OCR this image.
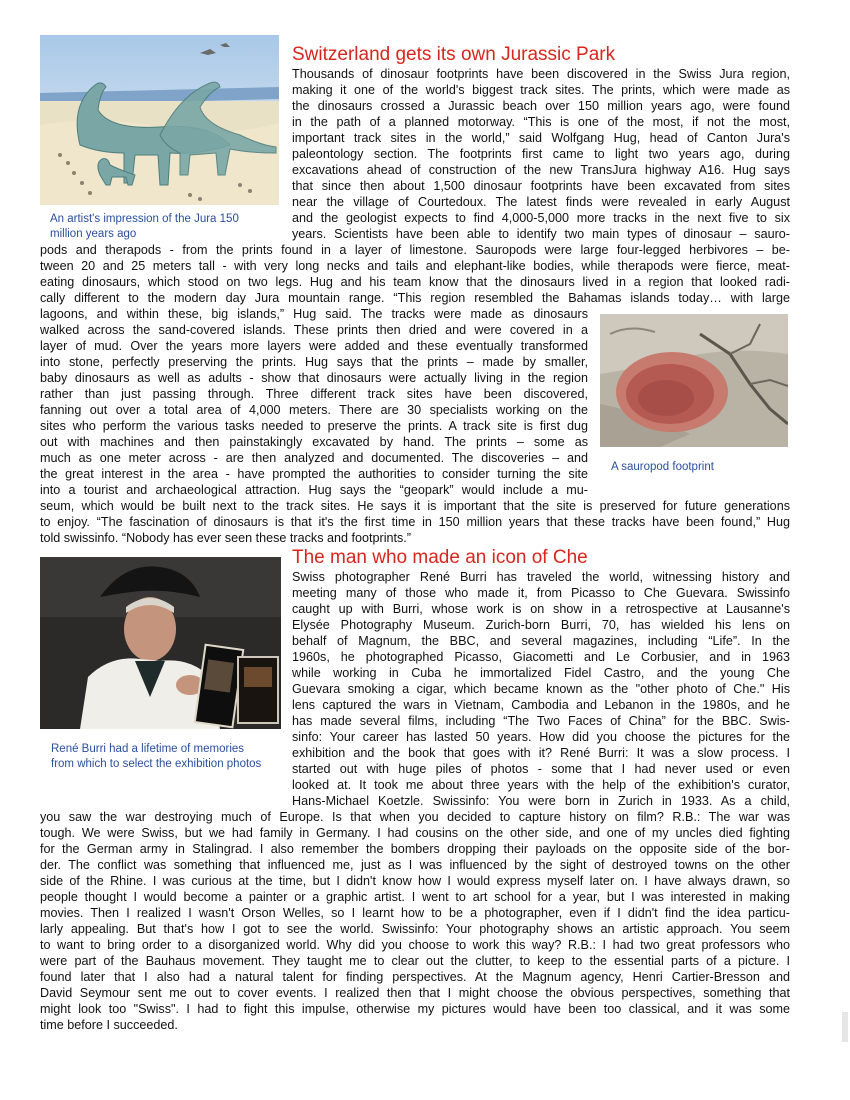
An artist's impression of the Jura 150 million years ago
Switzerland gets its own Jurassic Park
Thousands of dinosaur footprints have been discovered in the Swiss Jura region,
making it one of the world's biggest track sites. The prints, which were made as
the dinosaurs crossed a Jurassic beach over 150 million years ago, were found
in the path of a planned motorway. “This is one of the most, if not the most,
important track sites in the world,” said Wolfgang Hug, head of Canton Jura's
paleontology section. The footprints first came to light two years ago, during
excavations ahead of construction of the new TransJura highway A16. Hug says
that since then about 1,500 dinosaur footprints have been excavated from sites
near the village of Courtedoux. The latest finds were revealed in early August
and the geologist expects to find 4,000-5,000 more tracks in the next five to six
years. Scientists have been able to identify two main types of dinosaur – sauro-
pods and therapods - from the prints found in a layer of limestone. Sauropods were large four-legged herbivores – be-
tween 20 and 25 meters tall - with very long necks and tails and elephant-like bodies, while therapods were fierce, meat-
eating dinosaurs, which stood on two legs. Hug and his team know that the dinosaurs lived in a region that looked radi-
cally different to the modern day Jura mountain range. “This region resembled the Bahamas islands today… with large
lagoons, and within these, big islands,” Hug said. The tracks were made as dinosaurs
walked across the sand-covered islands. These prints then dried and were covered in a
layer of mud. Over the years more layers were added and these eventually transformed
into stone, perfectly preserving the prints. Hug says that the prints – made by smaller,
baby dinosaurs as well as adults - show that dinosaurs were actually living in the region
rather than just passing through. Three different track sites have been discovered,
fanning out over a total area of 4,000 meters. There are 30 specialists working on the
sites who perform the various tasks needed to preserve the prints. A track site is first dug
out with machines and then painstakingly excavated by hand. The prints – some as
much as one meter across - are then analyzed and documented. The discoveries – and
the great interest in the area - have prompted the authorities to consider turning the site
into a tourist and archaeological attraction. Hug says the “geopark” would include a mu-
seum, which would be built next to the track sites. He says it is important that the site is preserved for future generations
to enjoy. “The fascination of dinosaurs is that it's the first time in 150 million years that these tracks have been found,” Hug
told swissinfo. “Nobody has ever seen these tracks and footprints.”
A sauropod footprint
The man who made an icon of Che
René Burri had a lifetime of memories from which to select the exhibition photos
Swiss photographer René Burri has traveled the world, witnessing history and
meeting many of those who made it, from Picasso to Che Guevara. Swissinfo
caught up with Burri, whose work is on show in a retrospective at Lausanne's
Elysée Photography Museum. Zurich-born Burri, 70, has wielded his lens on
behalf of Magnum, the BBC, and several magazines, including “Life”. In the
1960s, he photographed Picasso, Giacometti and Le Corbusier, and in 1963
while working in Cuba he immortalized Fidel Castro, and the young Che
Guevara smoking a cigar, which became known as the "other photo of Che." His
lens captured the wars in Vietnam, Cambodia and Lebanon in the 1980s, and he
has made several films, including “The Two Faces of China” for the BBC. Swis-
sinfo: Your career has lasted 50 years. How did you choose the pictures for the
exhibition and the book that goes with it? René Burri: It was a slow process. I
started out with huge piles of photos - some that I had never used or even
looked at. It took me about three years with the help of the exhibition's curator,
Hans-Michael Koetzle. Swissinfo: You were born in Zurich in 1933. As a child,
you saw the war destroying much of Europe. Is that when you decided to capture history on film? R.B.: The war was
tough. We were Swiss, but we had family in Germany. I had cousins on the other side, and one of my uncles died fighting
for the German army in Stalingrad. I also remember the bombers dropping their payloads on the opposite side of the bor-
der. The conflict was something that influenced me, just as I was influenced by the sight of destroyed towns on the other
side of the Rhine. I was curious at the time, but I didn't know how I would express myself later on. I have always drawn, so
people thought I would become a painter or a graphic artist. I went to art school for a year, but I was interested in making
movies. Then I realized I wasn't Orson Welles, so I learnt how to be a photographer, even if I didn't find the idea particu-
larly appealing. But that's how I got to see the world. Swissinfo: Your photography shows an artistic approach. You seem
to want to bring order to a disorganized world. Why did you choose to work this way? R.B.: I had two great professors who
were part of the Bauhaus movement. They taught me to clear out the clutter, to keep to the essential parts of a picture. I
found later that I also had a natural talent for finding perspectives. At the Magnum agency, Henri Cartier-Bresson and
David Seymour sent me out to cover events. I realized then that I might choose the obvious perspectives, something that
might look too "Swiss". I had to fight this impulse, otherwise my pictures would have been too classical, and it was some
time before I succeeded.
